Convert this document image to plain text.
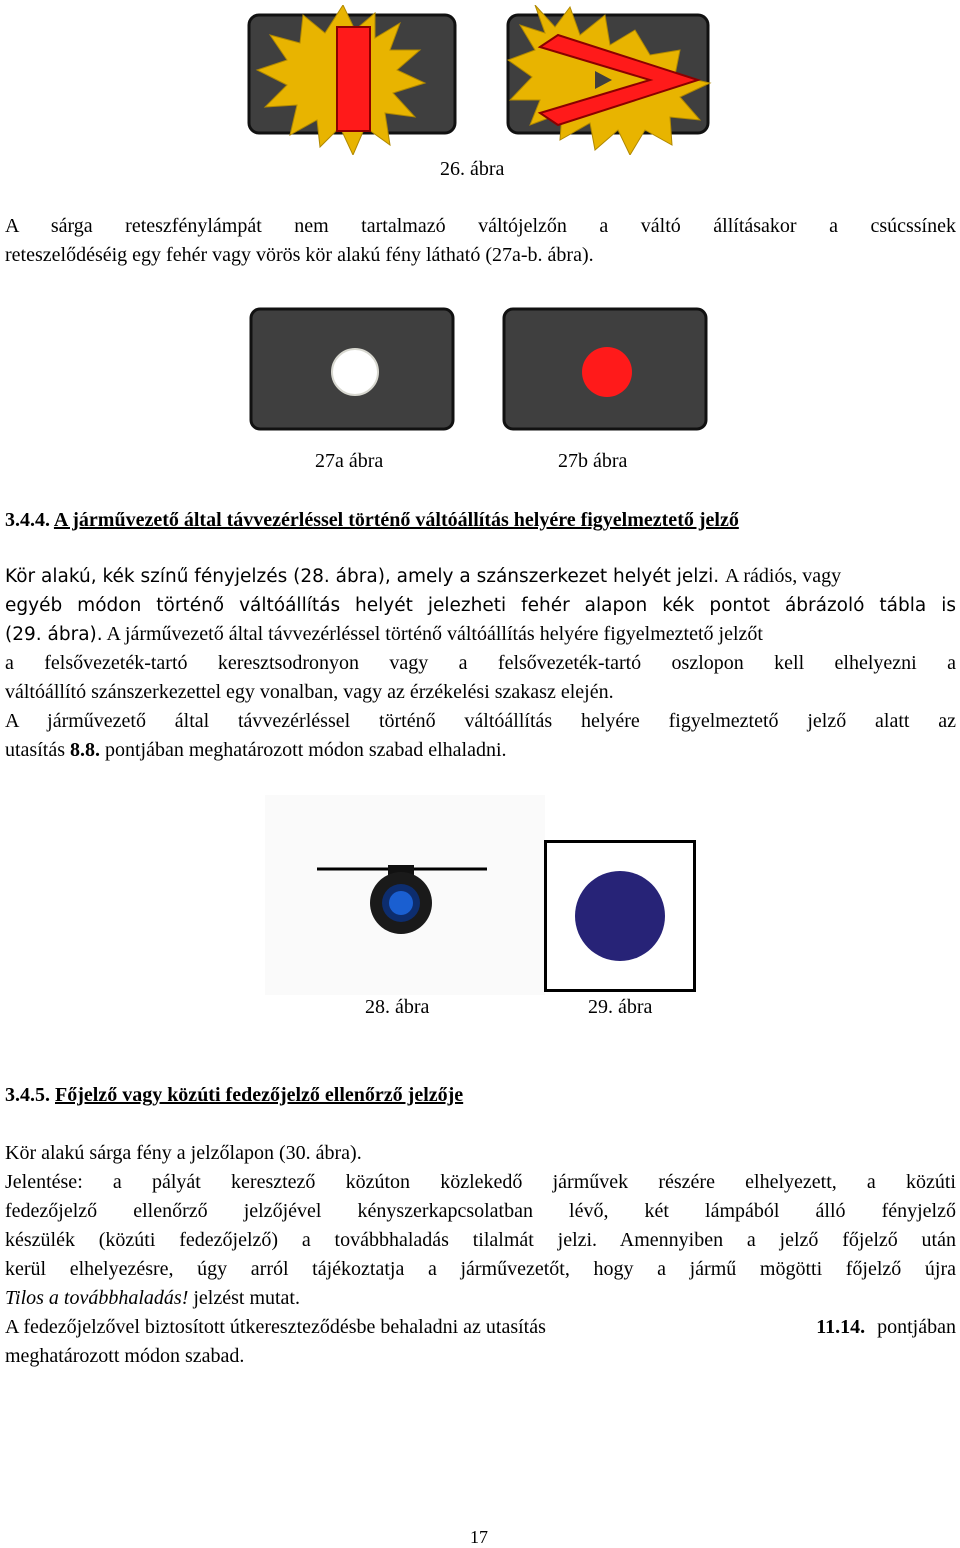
26. ábra
A sárga reteszfénylámpát nem tartalmazó váltójelzőn a váltó állításakor a csúcssínek
reteszelődéséig egy fehér vagy vörös kör alakú fény látható (27a-b. ábra).
27a ábra	27b ábra
3.4.4. A járművezető által távvezérléssel történő váltóállítás helyére figyelmeztető jelző
Kör alakú, kék színű fényjelzés (28. ábra), amely a szánszerkezet helyét jelzi. A rádiós, vagy
egyéb módon történő váltóállítás helyét jelezheti fehér alapon kék pontot ábrázoló tábla is
(29. ábra). A járművezető által távvezérléssel történő váltóállítás helyére figyelmeztető jelzőt
a felsővezeték-tartó keresztsodronyon vagy a felsővezeték-tartó oszlopon kell elhelyezni a
váltóállító szánszerkezettel egy vonalban, vagy az érzékelési szakasz elején.
A járművezető által távvezérléssel történő váltóállítás helyére figyelmeztető jelző alatt az
utasítás 8.8. pontjában meghatározott módon szabad elhaladni.
28. ábra	29. ábra
3.4.5. Főjelző vagy közúti fedezőjelző ellenőrző jelzője
Kör alakú sárga fény a jelzőlapon (30. ábra).
Jelentése: a pályát keresztező közúton közlekedő járművek részére elhelyezett, a közúti
fedezőjelző ellenőrző jelzőjével kényszerkapcsolatban lévő, két lámpából álló fényjelző
készülék (közúti fedezőjelző) a továbbhaladás tilalmát jelzi. Amennyiben a jelző főjelző után
kerül elhelyezésre, úgy arról tájékoztatja a járművezetőt, hogy a jármű mögötti főjelző újra
Tilos a továbbhaladás! jelzést mutat.
A fedezőjelzővel biztosított útkereszteződésbe behaladni az utasítás	11.14. pontjában
meghatározott módon szabad.
17
